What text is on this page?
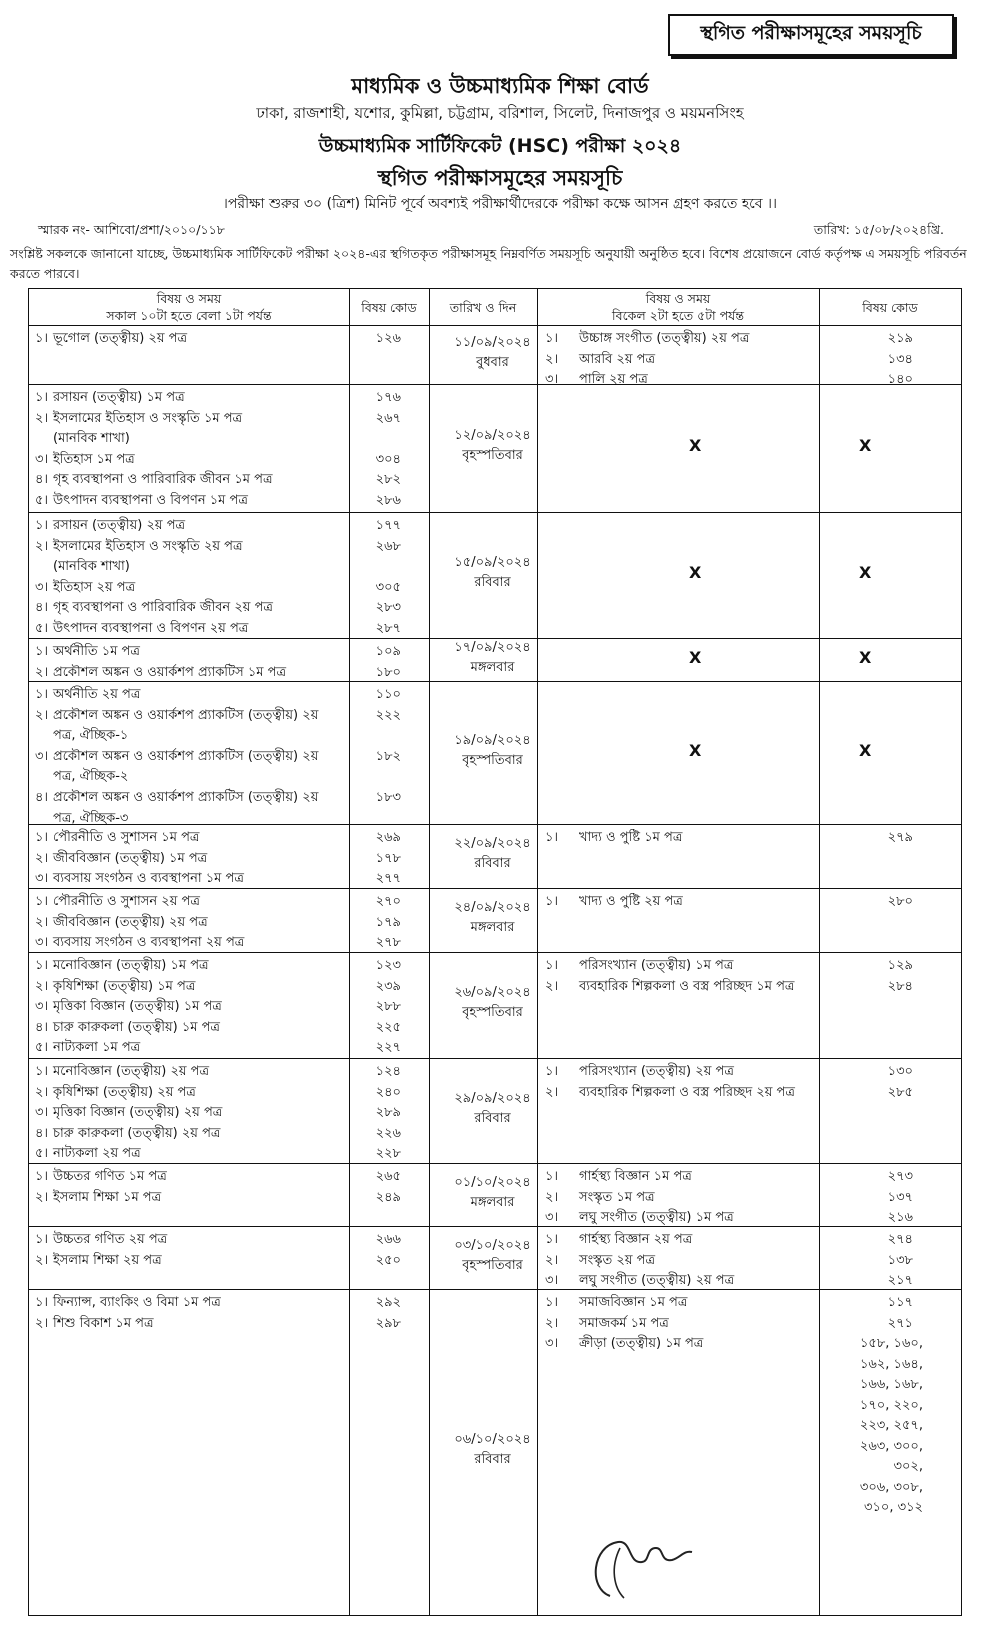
স্থগিত পরীক্ষাসমূহের সময়সূচি
মাধ্যমিক ও উচ্চমাধ্যমিক শিক্ষা বোর্ড
ঢাকা, রাজশাহী, যশোর, কুমিল্লা, চট্টগ্রাম, বরিশাল, সিলেট, দিনাজপুর ও ময়মনসিংহ
উচ্চমাধ্যমিক সার্টিফিকেট (HSC) পরীক্ষা ২০২৪
স্থগিত পরীক্ষাসমূহের সময়সূচি
।পরীক্ষা শুরুর ৩০ (ত্রিশ) মিনিট পূর্বে অবশ্যই পরীক্ষার্থীদেরকে পরীক্ষা কক্ষে আসন গ্রহণ করতে হবে ।।
স্মারক নং- আশিবো/প্রশা/২০১০/১১৮	তারিখ: ১৫/০৮/২০২৪খ্রি.
সংশ্লিষ্ট সকলকে জানানো যাচ্ছে, উচ্চমাধ্যমিক সার্টিফিকেট পরীক্ষা ২০২৪-এর স্থগিতকৃত পরীক্ষাসমূহ নিম্নবর্ণিত সময়সূচি অনুযায়ী অনুষ্ঠিত হবে। বিশেষ প্রয়োজনে বোর্ড কর্তৃপক্ষ এ সময়সূচি পরিবর্তন করতে পারবে।
বিষয় ও সময়
সকাল ১০টা হতে বেলা ১টা পর্যন্ত
বিষয় কোড	তারিখ ও দিন
বিষয় ও সময়
বিকেল ২টা হতে ৫টা পর্যন্ত
বিষয় কোড
১। ভূগোল (তত্ত্বীয়) ২য় পত্র	১২৬	১১/০৯/২০২৪
বুধবার
১। উচ্চাঙ্গ সংগীত (তত্ত্বীয়) ২য় পত্র	২১৯
২। আরবি ২য় পত্র	১৩৪
৩। পালি ২য় পত্র	১৪০
১। রসায়ন (তত্ত্বীয়) ১ম পত্র	১৭৬
২। ইসলামের ইতিহাস ও সংস্কৃতি ১ম পত্র	২৬৭
(মানবিক শাখা)
৩। ইতিহাস ১ম পত্র	৩০৪
৪। গৃহ ব্যবস্থাপনা ও পারিবারিক জীবন ১ম পত্র	২৮২
৫। উৎপাদন ব্যবস্থাপনা ও বিপণন ১ম পত্র	২৮৬
১২/০৯/২০২৪
বৃহস্পতিবার
X	X
১। রসায়ন (তত্ত্বীয়) ২য় পত্র	১৭৭
২। ইসলামের ইতিহাস ও সংস্কৃতি ২য় পত্র	২৬৮
(মানবিক শাখা)
৩। ইতিহাস ২য় পত্র	৩০৫
৪। গৃহ ব্যবস্থাপনা ও পারিবারিক জীবন ২য় পত্র	২৮৩
৫। উৎপাদন ব্যবস্থাপনা ও বিপণন ২য় পত্র	২৮৭
১৫/০৯/২০২৪
রবিবার
X	X
১। অর্থনীতি ১ম পত্র	১০৯
২। প্রকৌশল অঙ্কন ও ওয়ার্কশপ প্র্যাকটিস ১ম পত্র	১৮০
১৭/০৯/২০২৪
মঙ্গলবার
X	X
১। অর্থনীতি ২য় পত্র	১১০
২। প্রকৌশল অঙ্কন ও ওয়ার্কশপ প্র্যাকটিস (তত্ত্বীয়) ২য়	২২২
পত্র, ঐচ্ছিক-১
৩। প্রকৌশল অঙ্কন ও ওয়ার্কশপ প্র্যাকটিস (তত্ত্বীয়) ২য়	১৮২
পত্র, ঐচ্ছিক-২
৪। প্রকৌশল অঙ্কন ও ওয়ার্কশপ প্র্যাকটিস (তত্ত্বীয়) ২য়	১৮৩
পত্র, ঐচ্ছিক-৩
১৯/০৯/২০২৪
বৃহস্পতিবার
X	X
১। পৌরনীতি ও সুশাসন ১ম পত্র	২৬৯
২। জীববিজ্ঞান (তত্ত্বীয়) ১ম পত্র	১৭৮
৩। ব্যবসায় সংগঠন ও ব্যবস্থাপনা ১ম পত্র	২৭৭
২২/০৯/২০২৪
রবিবার
১। খাদ্য ও পুষ্টি ১ম পত্র	২৭৯
১। পৌরনীতি ও সুশাসন ২য় পত্র	২৭০
২। জীববিজ্ঞান (তত্ত্বীয়) ২য় পত্র	১৭৯
৩। ব্যবসায় সংগঠন ও ব্যবস্থাপনা ২য় পত্র	২৭৮
২৪/০৯/২০২৪
মঙ্গলবার
১। খাদ্য ও পুষ্টি ২য় পত্র	২৮০
১। মনোবিজ্ঞান (তত্ত্বীয়) ১ম পত্র	১২৩
২। কৃষিশিক্ষা (তত্ত্বীয়) ১ম পত্র	২৩৯
৩। মৃত্তিকা বিজ্ঞান (তত্ত্বীয়) ১ম পত্র	২৮৮
৪। চারু কারুকলা (তত্ত্বীয়) ১ম পত্র	২২৫
৫। নাট্যকলা ১ম পত্র	২২৭
২৬/০৯/২০২৪
বৃহস্পতিবার
১। পরিসংখ্যান (তত্ত্বীয়) ১ম পত্র	১২৯
২। ব্যবহারিক শিল্পকলা ও বস্ত্র পরিচ্ছদ ১ম পত্র	২৮৪
১। মনোবিজ্ঞান (তত্ত্বীয়) ২য় পত্র	১২৪
২। কৃষিশিক্ষা (তত্ত্বীয়) ২য় পত্র	২৪০
৩। মৃত্তিকা বিজ্ঞান (তত্ত্বীয়) ২য় পত্র	২৮৯
৪। চারু কারুকলা (তত্ত্বীয়) ২য় পত্র	২২৬
৫। নাট্যকলা ২য় পত্র	২২৮
২৯/০৯/২০২৪
রবিবার
১। পরিসংখ্যান (তত্ত্বীয়) ২য় পত্র	১৩০
২। ব্যবহারিক শিল্পকলা ও বস্ত্র পরিচ্ছদ ২য় পত্র	২৮৫
১। উচ্চতর গণিত ১ম পত্র	২৬৫
২। ইসলাম শিক্ষা ১ম পত্র	২৪৯
০১/১০/২০২৪
মঙ্গলবার
১। গার্হস্থ্য বিজ্ঞান ১ম পত্র	২৭৩
২। সংস্কৃত ১ম পত্র	১৩৭
৩। লঘু সংগীত (তত্ত্বীয়) ১ম পত্র	২১৬
১। উচ্চতর গণিত ২য় পত্র	২৬৬
২। ইসলাম শিক্ষা ২য় পত্র	২৫০
০৩/১০/২০২৪
বৃহস্পতিবার
১। গার্হস্থ্য বিজ্ঞান ২য় পত্র	২৭৪
২। সংস্কৃত ২য় পত্র	১৩৮
৩। লঘু সংগীত (তত্ত্বীয়) ২য় পত্র	২১৭
১। ফিন্যান্স, ব্যাংকিং ও বিমা ১ম পত্র	২৯২
২। শিশু বিকাশ ১ম পত্র	২৯৮
০৬/১০/২০২৪
রবিবার
১। সমাজবিজ্ঞান ১ম পত্র	১১৭
২। সমাজকর্ম ১ম পত্র	২৭১
৩। ক্রীড়া (তত্ত্বীয়) ১ম পত্র	১৫৮, ১৬০,
১৬২, ১৬৪,
১৬৬, ১৬৮,
১৭০, ২২০,
২২৩, ২৫৭,
২৬৩, ৩০০,
৩০২,
৩০৬, ৩০৮,
৩১০, ৩১২
